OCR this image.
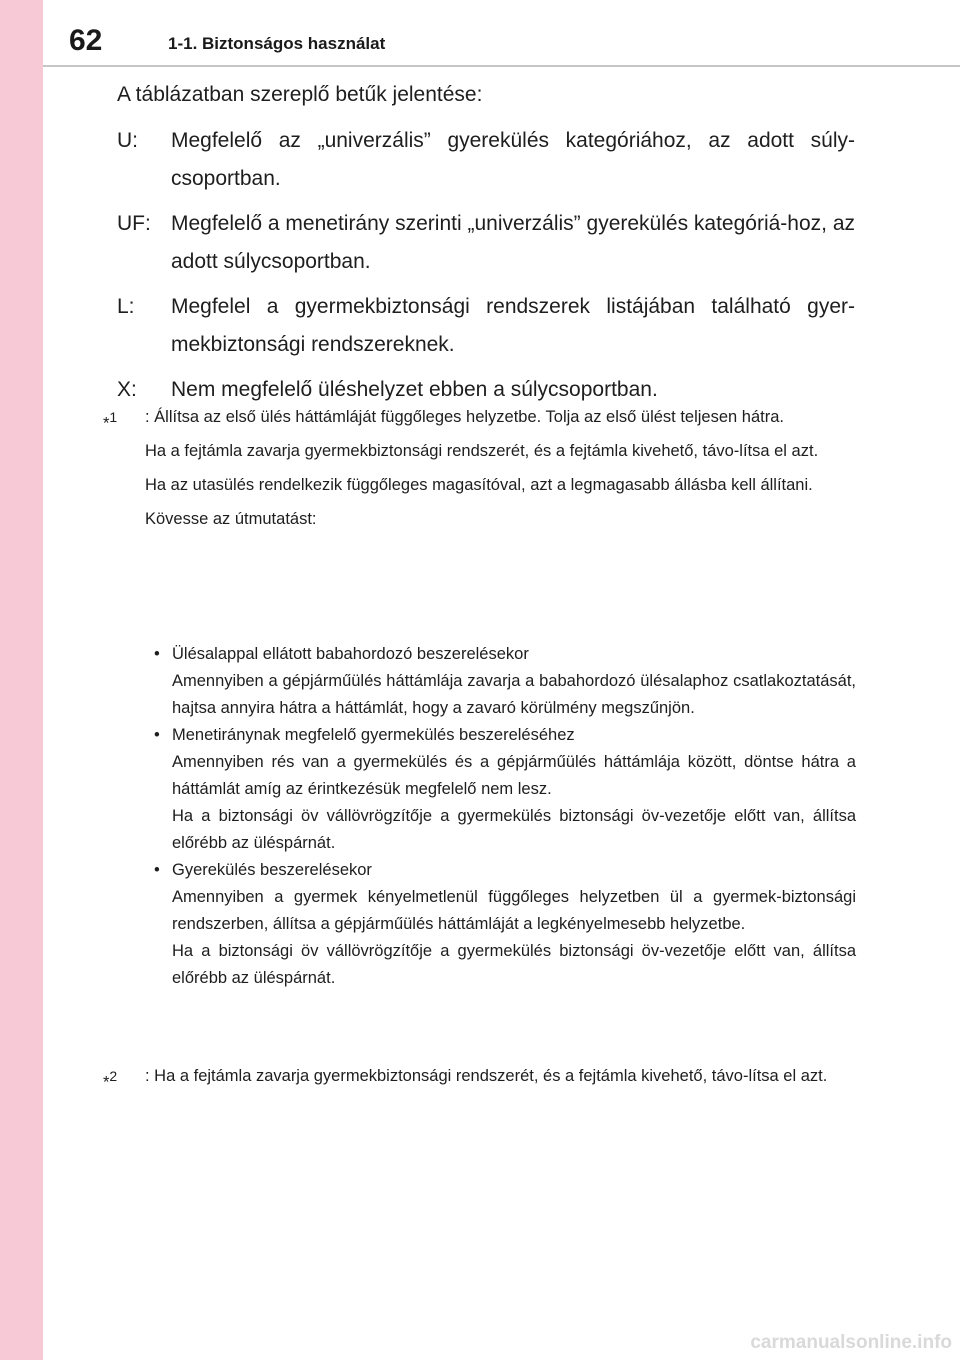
62	1-1. Biztonságos használat
A táblázatban szereplő betűk jelentése:
U:	Megfelelő az „univerzális” gyerekülés kategóriához, az adott súly-csoportban.
UF: Megfelelő a menetirány szerinti „univerzális” gyerekülés kategóriá-hoz, az adott súlycsoportban.
L:	Megfelel a gyermekbiztonsági rendszerek listájában található gyer-mekbiztonsági rendszereknek.
X:	Nem megfelelő üléshelyzet ebben a súlycsoportban.
*$^1$ : Állítsa az első ülés háttámláját függőleges helyzetbe. Tolja az első ülést teljesen hátra.

Ha a fejtámla zavarja gyermekbiztonsági rendszerét, és a fejtámla kivehető, távo-lítsa el azt.

Ha az utasülés rendelkezik függőleges magasítóval, azt a legmagasabb állásba kell állítani.

Kövesse az útmutatást:

• Ülésalappal ellátott babahordozó beszerelésekor
Amennyiben a gépjárműülés háttámlája zavarja a babahordozó ülésalaphoz csatlakoztatását, hajtsa annyira hátra a háttámlát, hogy a zavaró körülmény megszűnjön.
• Menetiránynak megfelelő gyermekülés beszereléséhez
Amennyiben rés van a gyermekülés és a gépjárműülés háttámlája között, döntse hátra a háttámlát amíg az érintkezésük megfelelő nem lesz.
Ha a biztonsági öv vállövrögzítője a gyermekülés biztonsági öv-vezetője előtt van, állítsa előrébb az üléspárnát.
• Gyerekülés beszerelésekor
Amennyiben a gyermek kényelmetlenül függőleges helyzetben ül a gyermek-biztonsági rendszerben, állítsa a gépjárműülés háttámláját a legkényelmesebb helyzetbe.
Ha a biztonsági öv vállövrögzítője a gyermekülés biztonsági öv-vezetője előtt van, állítsa előrébb az üléspárnát.
*$^2$ : Ha a fejtámla zavarja gyermekbiztonsági rendszerét, és a fejtámla kivehető, távo-lítsa el azt.

carmanualsonline.info
